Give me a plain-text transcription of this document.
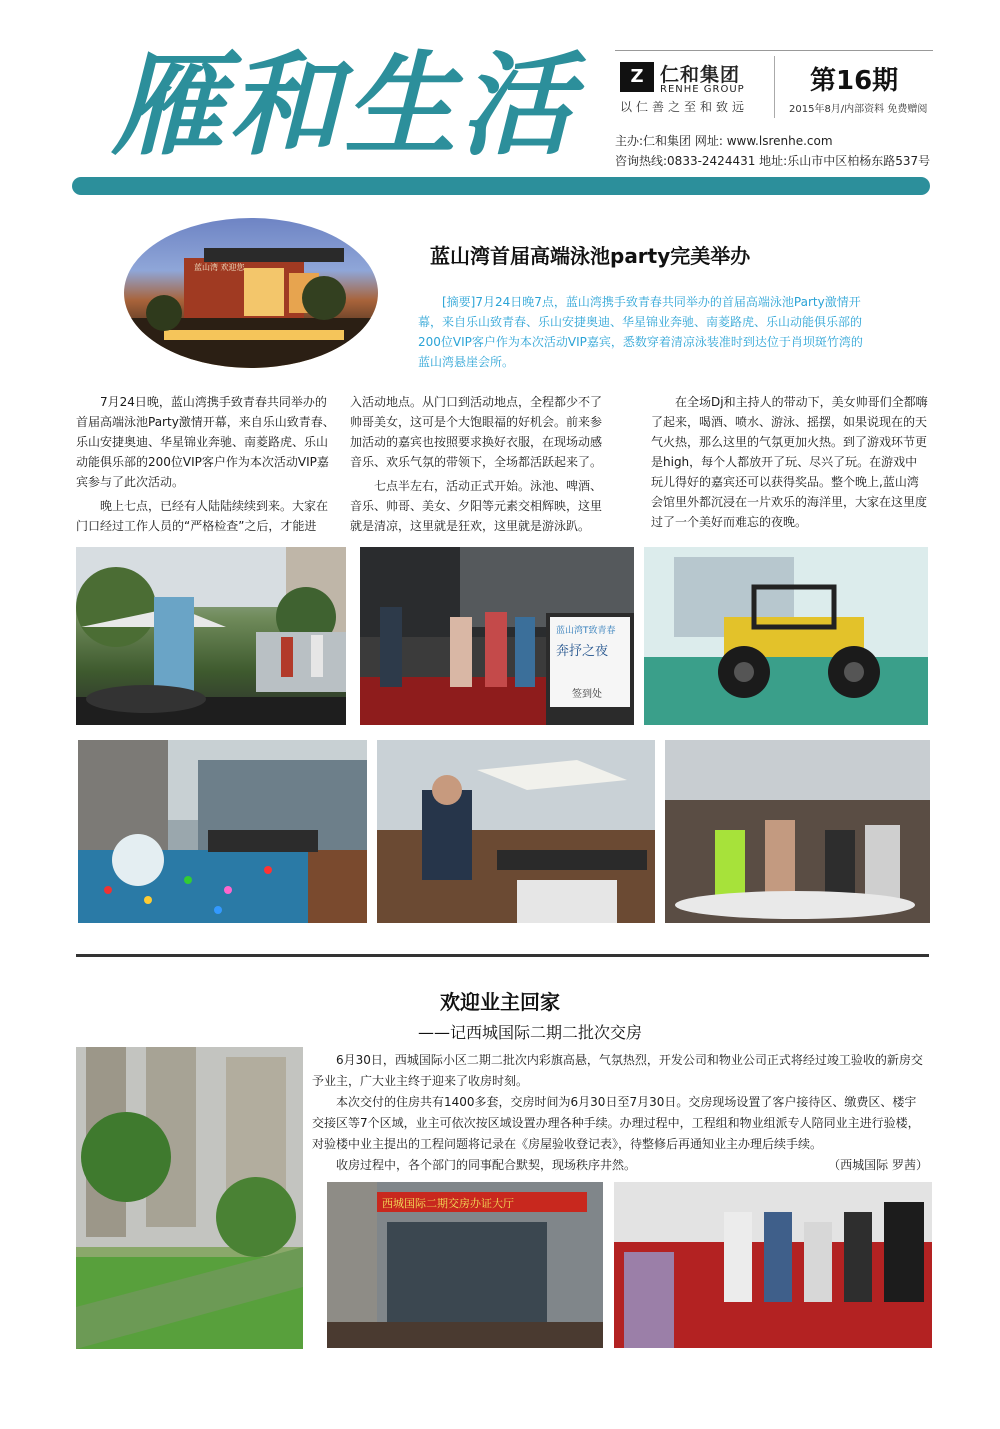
雁和生活	Z 仁和集团
RENHE GROUP
以仁善之至和致远
第16期
2015年8月/内部资料 免费赠阅
主办:仁和集团 网址: www.lsrenhe.com
咨询热线:0833-2424431 地址:乐山市中区柏杨东路537号
蓝山湾 欢迎您	蓝山湾首届高端泳池party完美举办
[摘要]7月24日晚7点，蓝山湾携手致青春共同举办的首届高端泳池Party激情开幕，来自乐山致青春、乐山安捷奥迪、华星锦业奔驰、南菱路虎、乐山动能俱乐部的200位VIP客户作为本次活动VIP嘉宾，悉数穿着清凉泳装准时到达位于肖坝斑竹湾的蓝山湾悬崖会所。

7月24日晚，蓝山湾携手致青春共同举办的首届高端泳池Party激情开幕，来自乐山致青春、乐山安捷奥迪、华星锦业奔驰、南菱路虎、乐山动能俱乐部的200位VIP客户作为本次活动VIP嘉宾参与了此次活动。

晚上七点，已经有人陆陆续续到来。大家在门口经过工作人员的“严格检查”之后，才能进

入活动地点。从门口到活动地点，全程都少不了帅哥美女，这可是个大饱眼福的好机会。前来参加活动的嘉宾也按照要求换好衣服，在现场动感音乐、欢乐气氛的带领下，全场都活跃起来了。

七点半左右，活动正式开始。泳池、啤酒、音乐、帅哥、美女、夕阳等元素交相辉映，这里就是清凉，这里就是狂欢，这里就是游泳趴。

在全场Dj和主持人的带动下，美女帅哥们全都嗨了起来，喝酒、喷水、游泳、摇摆，如果说现在的天气火热，那么这里的气氛更加火热。到了游戏环节更是high，每个人都放开了玩、尽兴了玩。在游戏中玩儿得好的嘉宾还可以获得奖品。整个晚上,蓝山湾会馆里外都沉浸在一片欢乐的海洋里，大家在这里度过了一个美好而难忘的夜晚。

蓝山湾T致青春
奔抒之夜
签到处
欢迎业主回家
——记西城国际二期二批次交房

6月30日，西城国际小区二期二批次内彩旗高悬，气氛热烈，开发公司和物业公司正式将经过竣工验收的新房交予业主，广大业主终于迎来了收房时刻。

本次交付的住房共有1400多套，交房时间为6月30日至7月30日。交房现场设置了客户接待区、缴费区、楼宇交接区等7个区域，业主可依次按区域设置办理各种手续。办理过程中，工程组和物业组派专人陪同业主进行验楼，对验楼中业主提出的工程问题将记录在《房屋验收登记表》，待整修后再通知业主办理后续手续。

收房过程中，各个部门的同事配合默契，现场秩序井然。	（西城国际 罗茜）

西城国际二期交房办证大厅
